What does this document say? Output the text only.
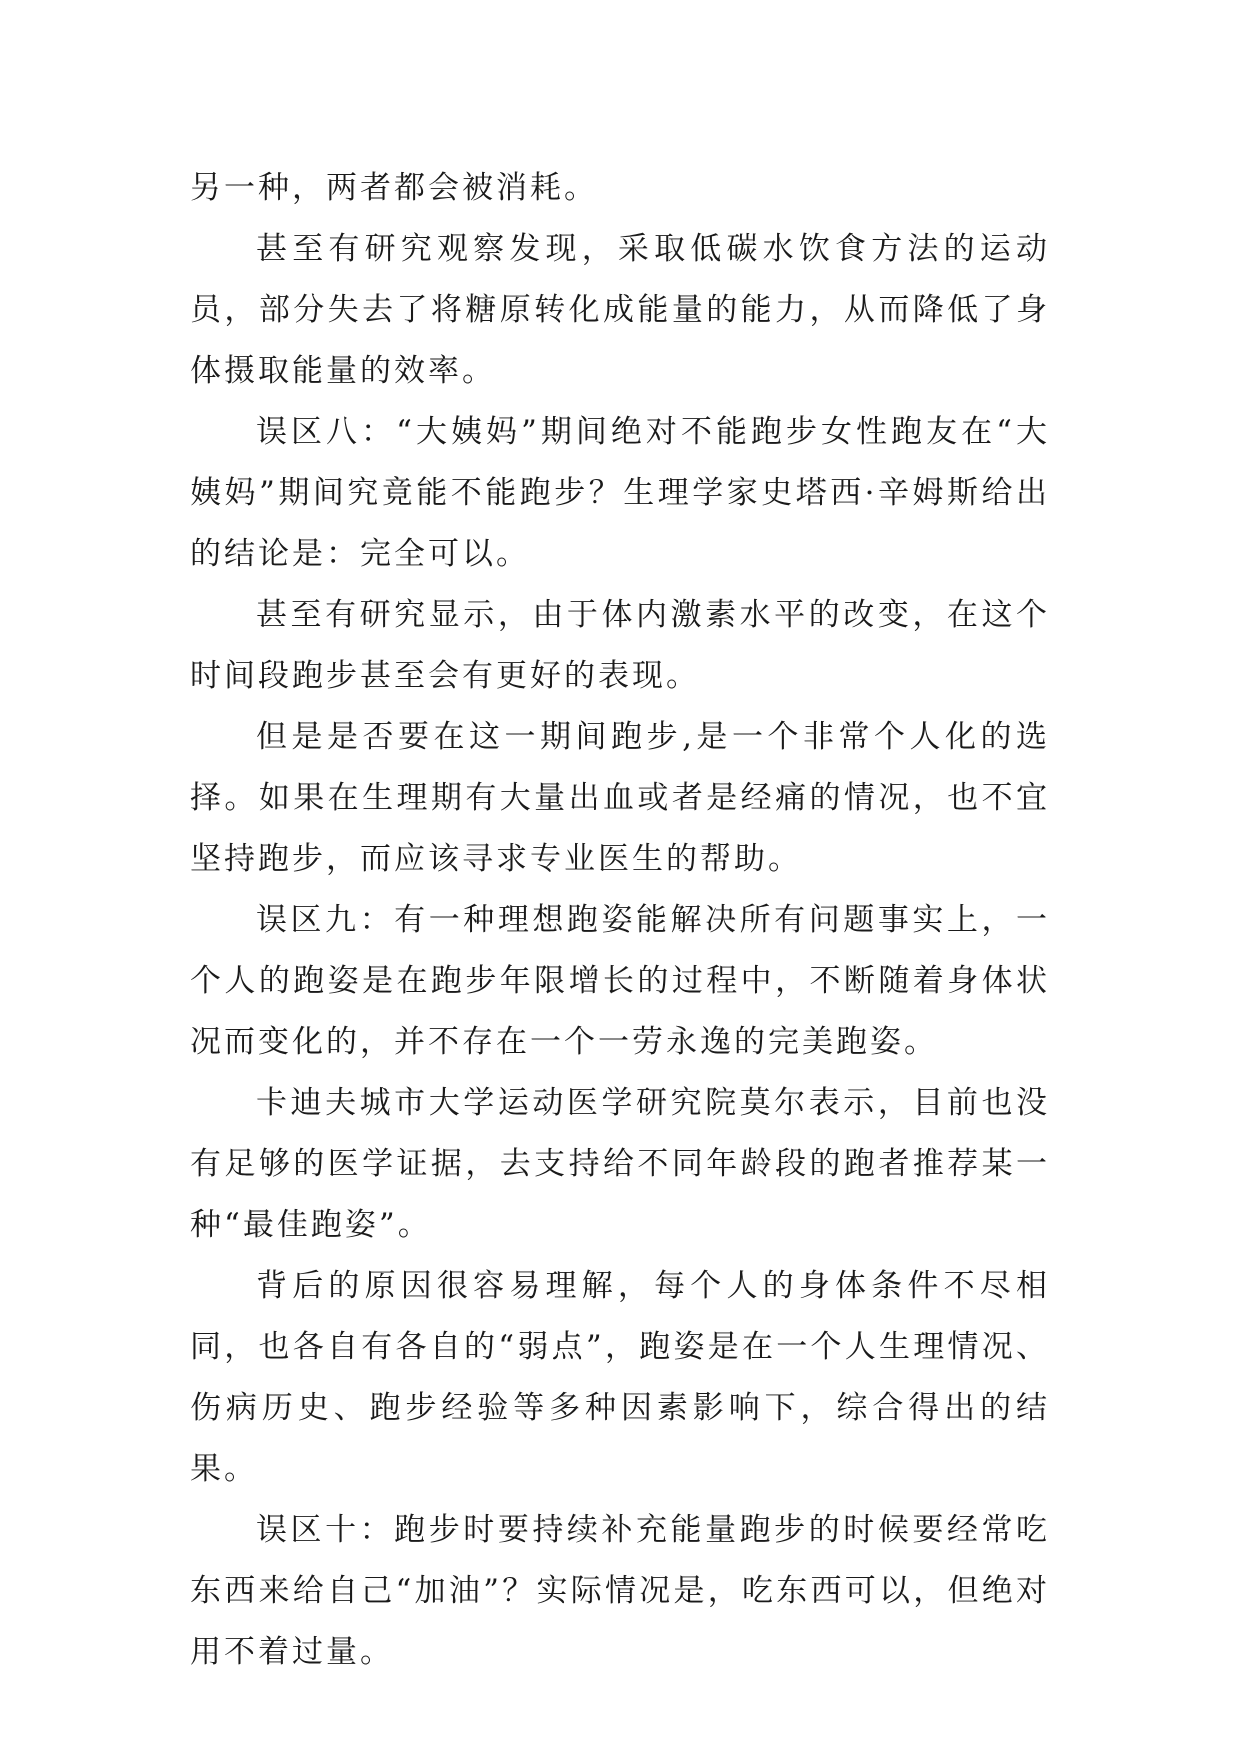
另一种，两者都会被消耗。

甚至有研究观察发现，采取低碳水饮食方法的运动员，部分失去了将糖原转化成能量的能力，从而降低了身体摄取能量的效率。

误区八：“大姨妈”期间绝对不能跑步女性跑友在“大姨妈”期间究竟能不能跑步？生理学家史塔西·辛姆斯给出的结论是：完全可以。

甚至有研究显示，由于体内激素水平的改变，在这个时间段跑步甚至会有更好的表现。

但是是否要在这一期间跑步,是一个非常个人化的选择。如果在生理期有大量出血或者是经痛的情况，也不宜坚持跑步，而应该寻求专业医生的帮助。

误区九：有一种理想跑姿能解决所有问题事实上，一个人的跑姿是在跑步年限增长的过程中，不断随着身体状况而变化的，并不存在一个一劳永逸的完美跑姿。

卡迪夫城市大学运动医学研究院莫尔表示，目前也没有足够的医学证据，去支持给不同年龄段的跑者推荐某一种“最佳跑姿”。

背后的原因很容易理解，每个人的身体条件不尽相同，也各自有各自的“弱点”，跑姿是在一个人生理情况、伤病历史、跑步经验等多种因素影响下，综合得出的结果。

误区十：跑步时要持续补充能量跑步的时候要经常吃东西来给自己“加油”？实际情况是，吃东西可以，但绝对用不着过量。
